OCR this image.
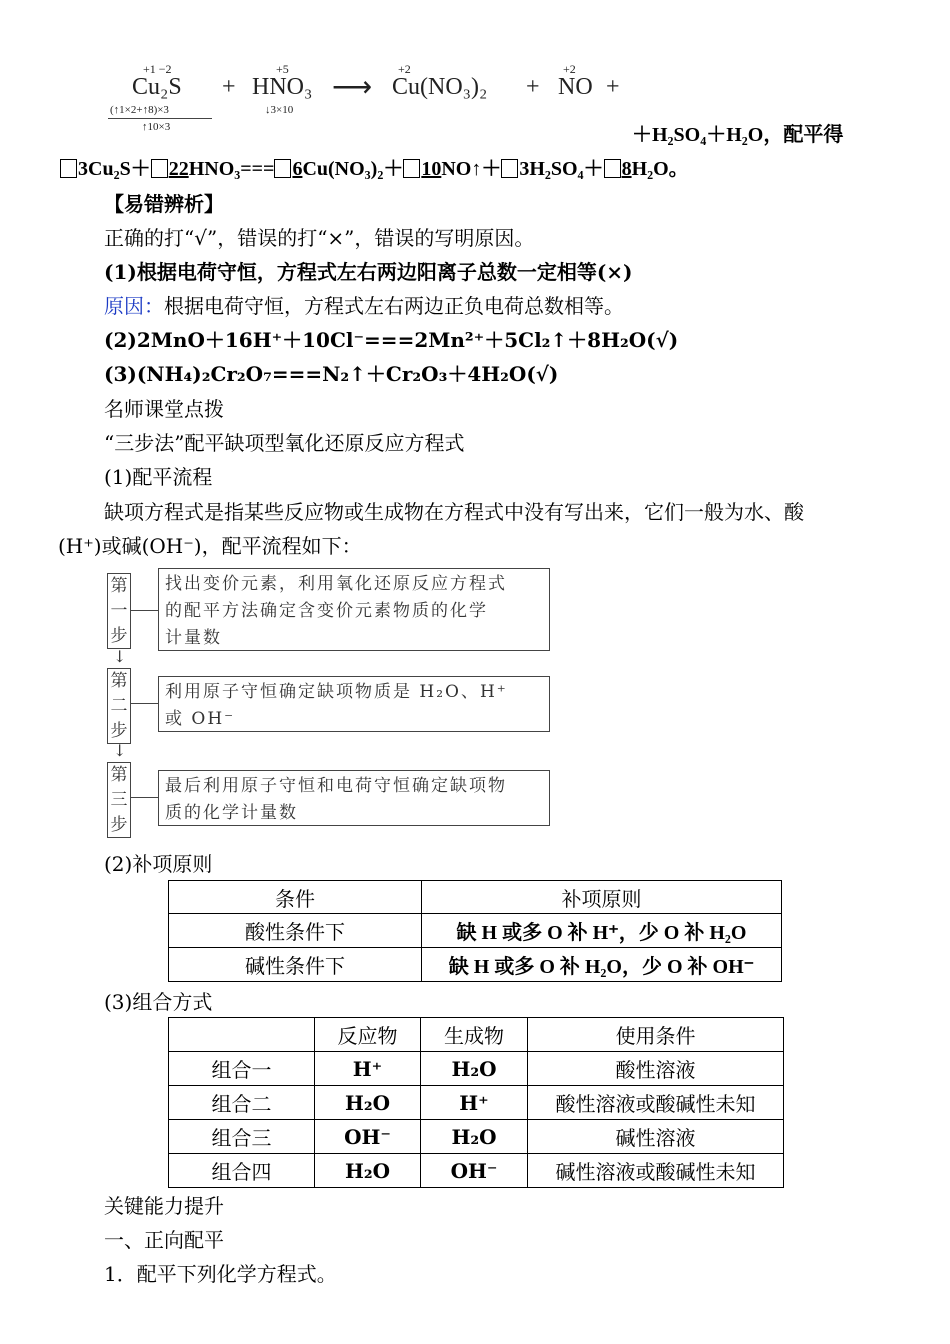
+1 −2
Cu₂S +
+5
HNO₃ ⟶
+2
Cu(NO₃)₂ +
+2
NO +
(↑1×2+↑8)×3
↑10×3
↓3×10
＋H₂SO₄＋H₂O，配平得
3Cu₂S＋ 22HNO₃=== 6Cu(NO₃)₂＋ 10NO↑＋ 3H₂SO₄＋ 8H₂O。
【易错辨析】
正确的打“√”，错误的打“×”，错误的写明原因。
(1)根据电荷守恒，方程式左右两边阳离子总数一定相等(×)
原因：根据电荷守恒，方程式左右两边正负电荷总数相等。
(2)2MnO＋16H⁺＋10Cl⁻===2Mn²⁺＋5Cl₂↑＋8H₂O(√)
(3)(NH₄)₂Cr₂O₇===N₂↑＋Cr₂O₃＋4H₂O(√)
名师课堂点拨
“三步法”配平缺项型氧化还原反应方程式
(1)配平流程
缺项方程式是指某些反应物或生成物在方程式中没有写出来，它们一般为水、酸
(H⁺)或碱(OH⁻)，配平流程如下：
第
一
步
找出变价元素，利用氧化还原反应方程式
的配平方法确定含变价元素物质的化学
计量数
↓
第
二
步
利用原子守恒确定缺项物质是 H₂O、H⁺
或 OH⁻
↓
第
三
步
最后利用原子守恒和电荷守恒确定缺项物
质的化学计量数
(2)补项原则
条件	补项原则
酸性条件下	缺 H 或多 O 补 H⁺，少 O 补 H₂O
碱性条件下	缺 H 或多 O 补 H₂O，少 O 补 OH⁻
(3)组合方式
	反应物	生成物	使用条件
组合一	H⁺	H₂O	酸性溶液
组合二	H₂O	H⁺	酸性溶液或酸碱性未知
组合三	OH⁻	H₂O	碱性溶液
组合四	H₂O	OH⁻	碱性溶液或酸碱性未知
关键能力提升
一、正向配平
1．配平下列化学方程式。
